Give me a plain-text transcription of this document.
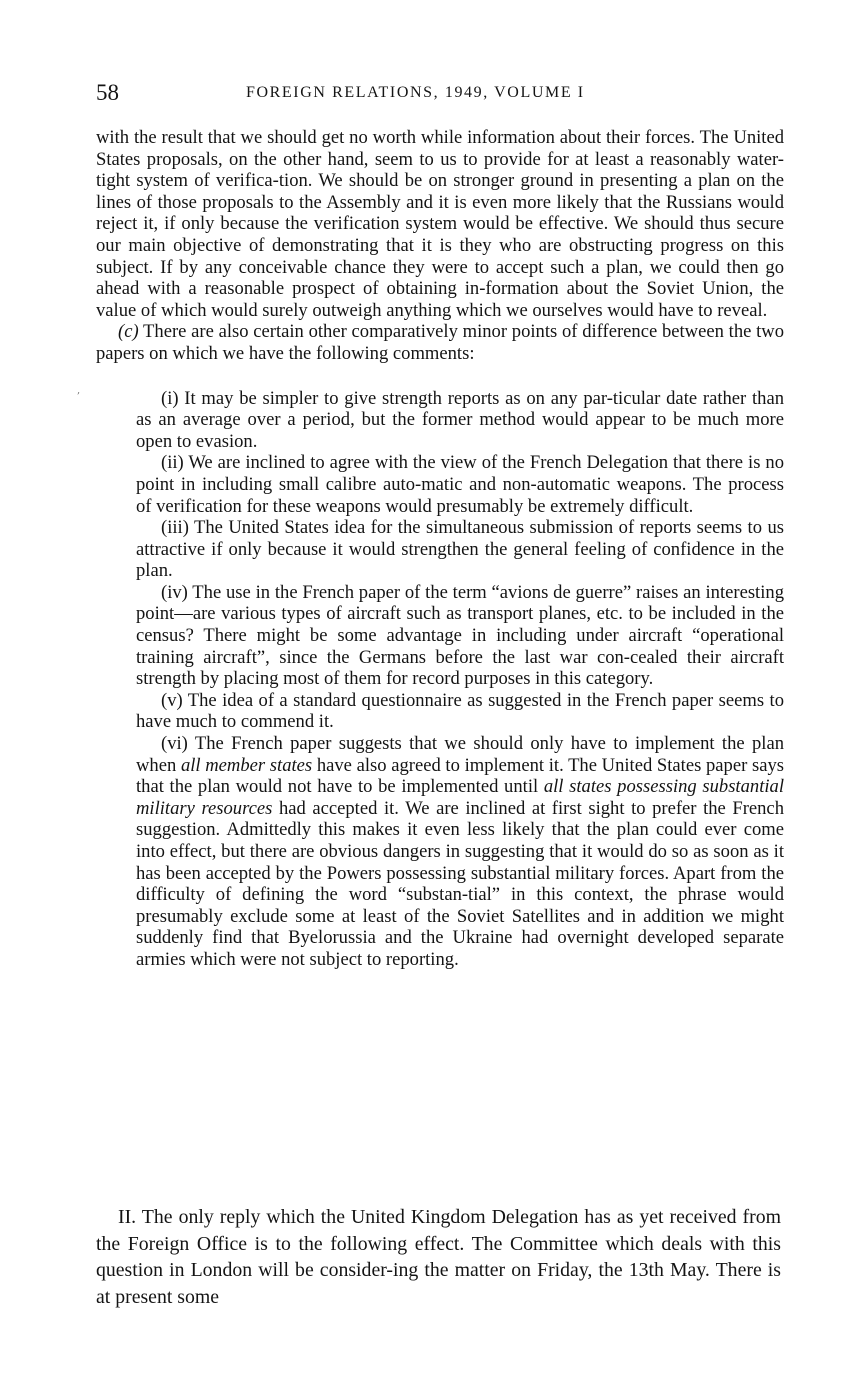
58	FOREIGN RELATIONS, 1949, VOLUME I

with the result that we should get no worth while information about their forces. The United States proposals, on the other hand, seem to us to provide for at least a reasonably water-tight system of verifica-tion. We should be on stronger ground in presenting a plan on the lines of those proposals to the Assembly and it is even more likely that the Russians would reject it, if only because the verification system would be effective. We should thus secure our main objective of demonstrating that it is they who are obstructing progress on this subject. If by any conceivable chance they were to accept such a plan, we could then go ahead with a reasonable prospect of obtaining in-formation about the Soviet Union, the value of which would surely outweigh anything which we ourselves would have to reveal.

(c) There are also certain other comparatively minor points of difference between the two papers on which we have the following comments:

(i) It may be simpler to give strength reports as on any par-ticular date rather than as an average over a period, but the former method would appear to be much more open to evasion.

(ii) We are inclined to agree with the view of the French Delegation that there is no point in including small calibre auto-matic and non-automatic weapons. The process of verification for these weapons would presumably be extremely difficult.

(iii) The United States idea for the simultaneous submission of reports seems to us attractive if only because it would strengthen the general feeling of confidence in the plan.

(iv) The use in the French paper of the term “avions de guerre” raises an interesting point—are various types of aircraft such as transport planes, etc. to be included in the census? There might be some advantage in including under aircraft “operational training aircraft”, since the Germans before the last war con-cealed their aircraft strength by placing most of them for record purposes in this category.

(v) The idea of a standard questionnaire as suggested in the French paper seems to have much to commend it.

(vi) The French paper suggests that we should only have to implement the plan when all member states have also agreed to implement it. The United States paper says that the plan would not have to be implemented until all states possessing substantial military resources had accepted it. We are inclined at first sight to prefer the French suggestion. Admittedly this makes it even less likely that the plan could ever come into effect, but there are obvious dangers in suggesting that it would do so as soon as it has been accepted by the Powers possessing substantial military forces. Apart from the difficulty of defining the word “substan-tial” in this context, the phrase would presumably exclude some at least of the Soviet Satellites and in addition we might suddenly find that Byelorussia and the Ukraine had overnight developed separate armies which were not subject to reporting.

II. The only reply which the United Kingdom Delegation has as yet received from the Foreign Office is to the following effect. The Committee which deals with this question in London will be consider-ing the matter on Friday, the 13th May. There is at present some

,
